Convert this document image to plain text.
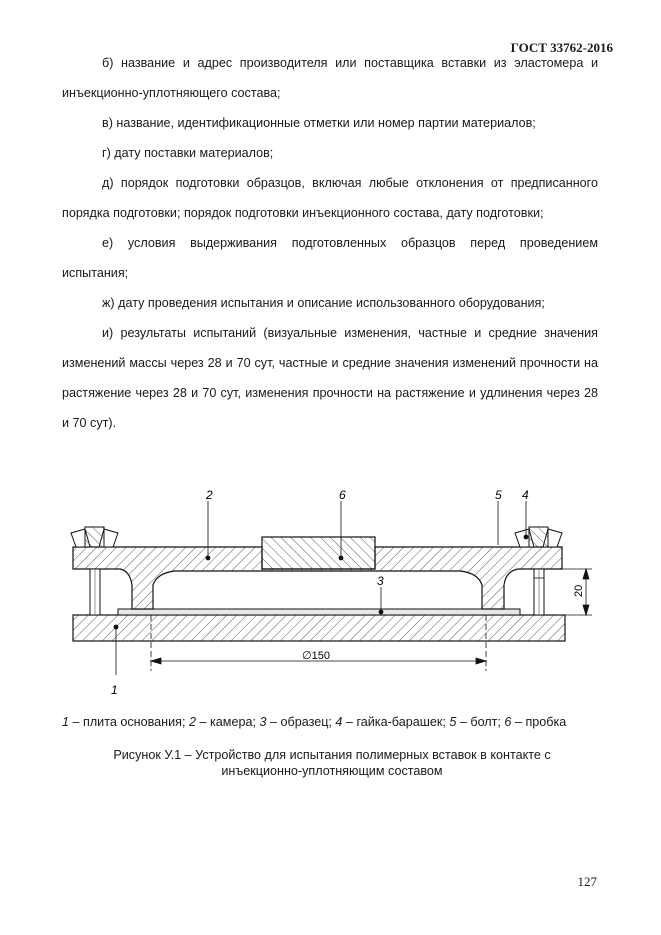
ГОСТ 33762-2016

б) название и адрес производителя или поставщика вставки из эластомера и инъекционно-уплотняющего состава;

в) название, идентификационные отметки или номер партии материалов;

г) дату поставки материалов;

д) порядок подготовки образцов, включая любые отклонения от предписанного порядка подготовки; порядок подготовки инъекционного состава, дату подготовки;

е) условия выдерживания подготовленных образцов перед проведением испытания;

ж) дату проведения испытания и описание использованного оборудования;

и) результаты испытаний (визуальные изменения, частные и средние значения изменений массы через 28 и 70 сут, частные и средние значения изменений прочности на растяжение через 28 и 70 сут, изменения прочности на растяжение и удлинения через 28 и 70 сут).

2	6	5 4
3
1
∅150
20
1 – плита основания; 2 – камера; 3 – образец; 4 – гайка-барашек; 5 – болт; 6 – пробка
Рисунок У.1 – Устройство для испытания полимерных вставок в контакте с
инъекционно-уплотняющим составом
127
